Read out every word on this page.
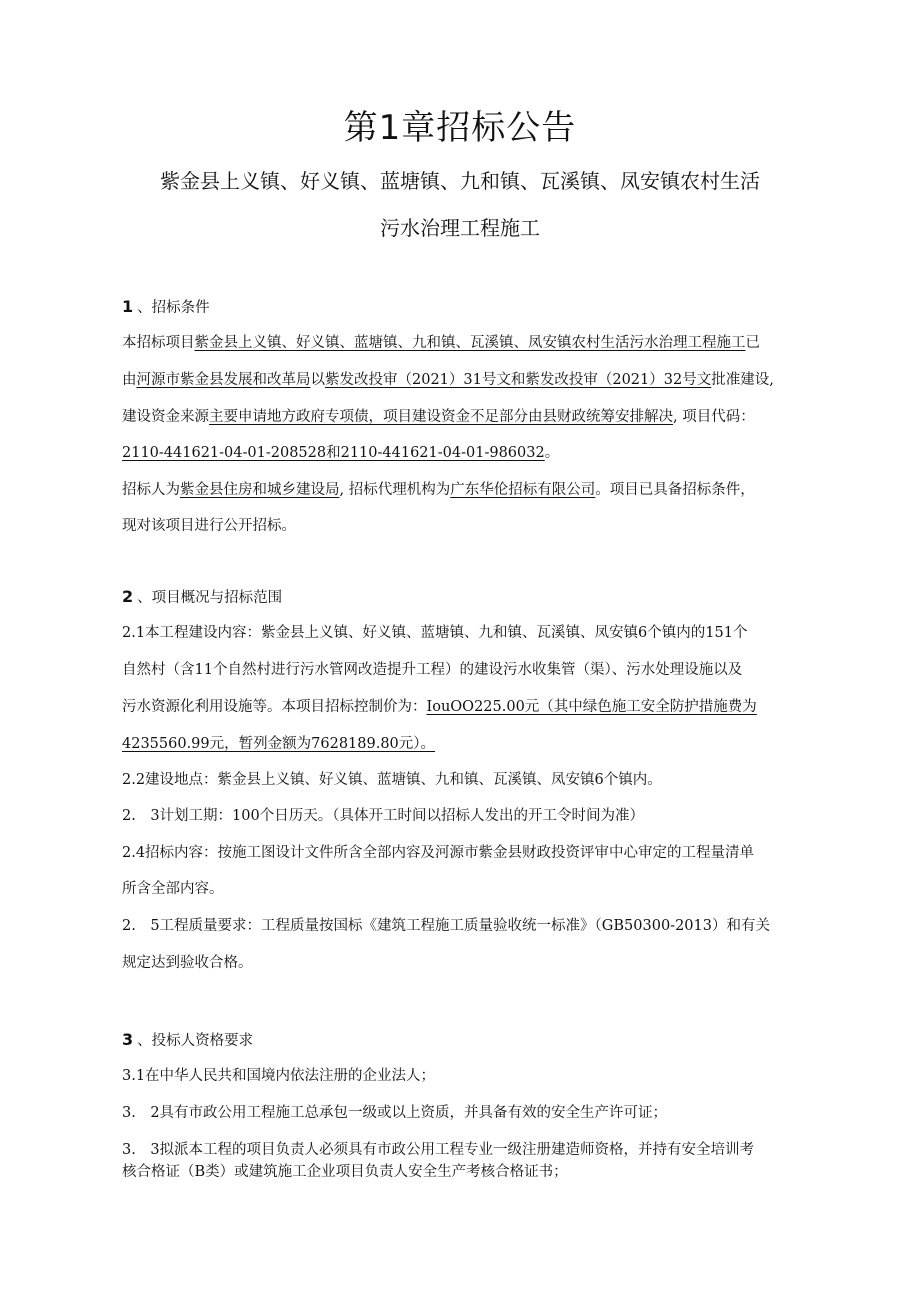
第1章招标公告
紫金县上义镇、好义镇、蓝塘镇、九和镇、瓦溪镇、凤安镇农村生活
污水治理工程施工
1 、招标条件
本招标项目紫金县上义镇、好义镇、蓝塘镇、九和镇、瓦溪镇、凤安镇农村生活污水治理工程施工已
由河源市紫金县发展和改革局以紫发改投审（2021）31号文和紫发改投审（2021）32号文批准建设,
建设资金来源主要申请地方政府专项债，项目建设资金不足部分由县财政统筹安排解决, 项目代码：
2110-441621-04-01-208528和2110-441621-04-01-986032。
招标人为紫金县住房和城乡建设局, 招标代理机构为广东华伦招标有限公司。项目已具备招标条件，
现对该项目进行公开招标。
2 、项目概况与招标范围
2.1本工程建设内容：紫金县上义镇、好义镇、蓝塘镇、九和镇、瓦溪镇、凤安镇6个镇内的151个
自然村（含11个自然村进行污水管网改造提升工程）的建设污水收集管（渠）、污水处理设施以及
污水资源化利用设施等。本项目招标控制价为：IouOO225.00元（其中绿色施工安全防护措施费为
4235560.99元，暂列金额为7628189.80元）。
2.2建设地点：紫金县上义镇、好义镇、蓝塘镇、九和镇、瓦溪镇、凤安镇6个镇内。
2.　3计划工期：100个日历天。（具体开工时间以招标人发出的开工令时间为准）
2.4招标内容：按施工图设计文件所含全部内容及河源市紫金县财政投资评审中心审定的工程量清单
所含全部内容。
2.　5工程质量要求：工程质量按国标《建筑工程施工质量验收统一标准》（GB50300-2013）和有关
规定达到验收合格。
3 、投标人资格要求
3.1在中华人民共和国境内依法注册的企业法人；
3.　2具有市政公用工程施工总承包一级或以上资质，并具备有效的安全生产许可证；
3.　3拟派本工程的项目负责人必须具有市政公用工程专业一级注册建造师资格，并持有安全培训考
核合格证（B类）或建筑施工企业项目负责人安全生产考核合格证书；
